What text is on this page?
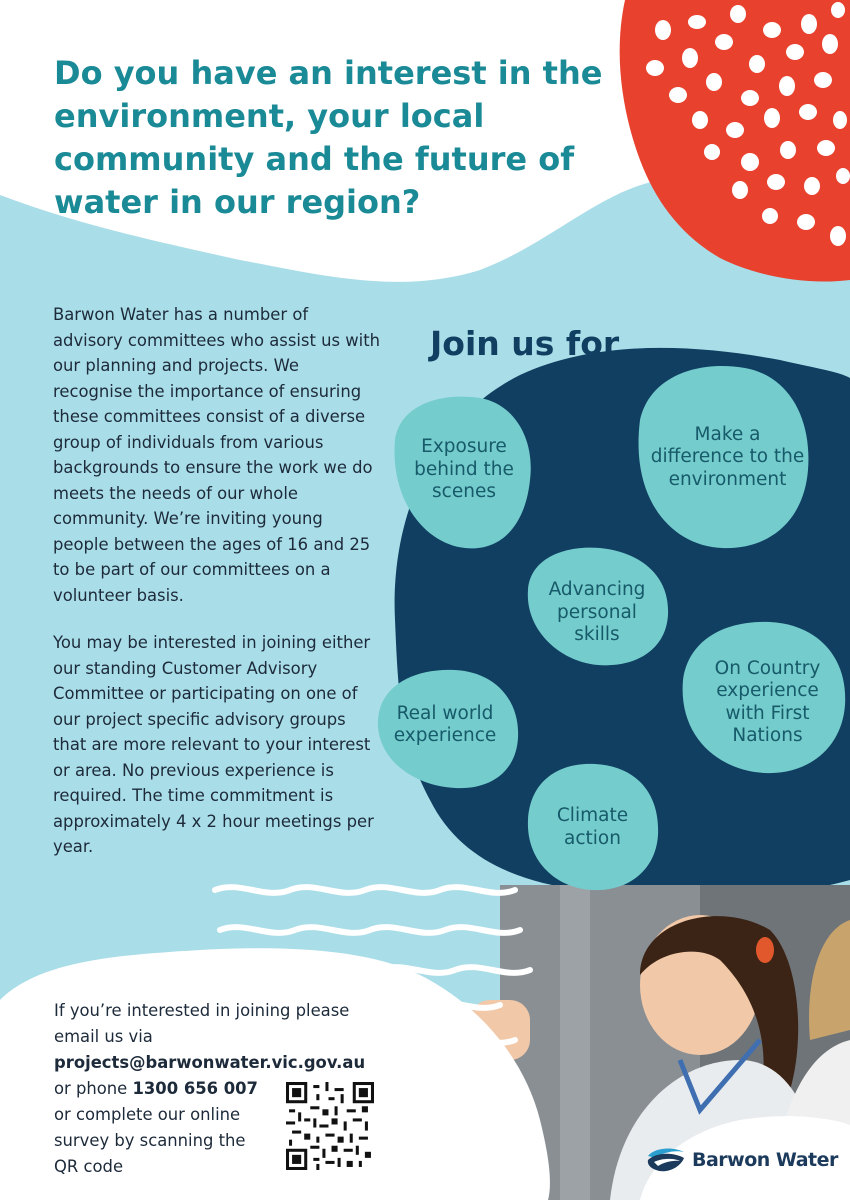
Do you have an interest in the environment, your local community and the future of water in our region?

Barwon Water has a number of advisory committees who assist us with our planning and projects. We recognise the importance of ensuring these committees consist of a diverse group of individuals from various backgrounds to ensure the work we do meets the needs of our whole community. We’re inviting young people between the ages of 16 and 25 to be part of our committees on a volunteer basis.

You may be interested in joining either our standing Customer Advisory Committee or participating on one of our project specific advisory groups that are more relevant to your interest or area. No previous experience is required. The time commitment is approximately 4 x 2 hour meetings per year.

Join us for
Exposure behind the scenes
Make a difference to the environment
Advancing personal skills
On Country experience with First Nations
Real world experience
Climate action
If you’re interested in joining please email us via
projects@barwonwater.vic.gov.au
or phone 1300 656 007
or complete our online survey by scanning the QR code	Barwon Water
